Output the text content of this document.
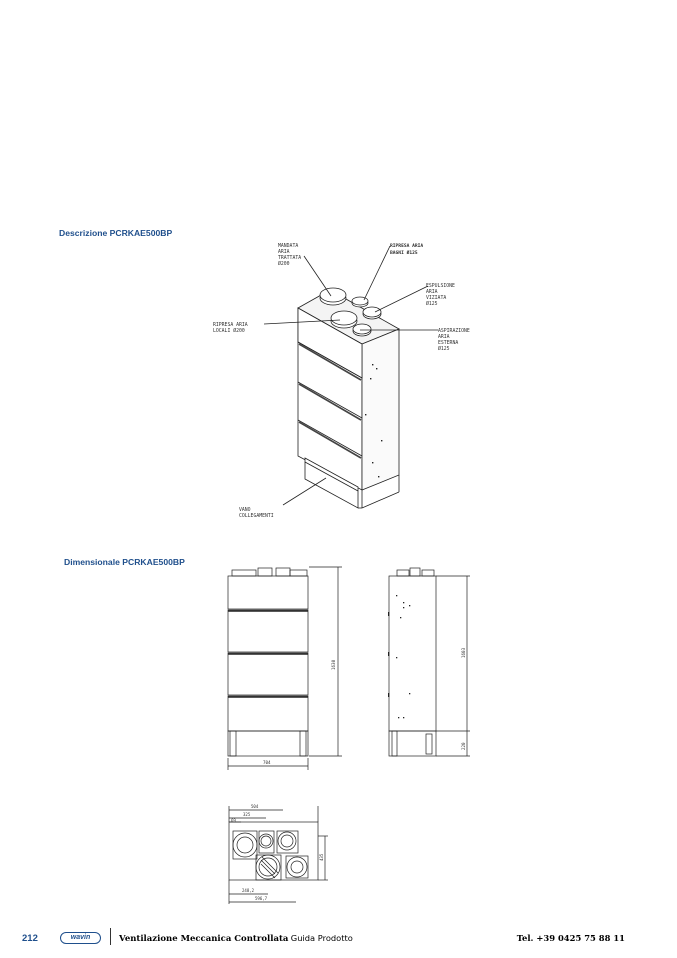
Descrizione PCRKAE500BP
Dimensionale PCRKAE500BP
MANDATA
ARIA
TRATTATA
Ø200
RIPRESA ARIA
BAGNI Ø125
ESPULSIONE
ARIA
VIZIATA
Ø125
RIPRESA ARIA
LOCALI Ø200	ASPIRAZIONE
ARIA
ESTERNA
Ø125
VANO
COLLEGAMENTI
1630
704
1603
220
504
325
69
435
248,2
596,7
212	wavin	Ventilazione Meccanica Controllata Guida Prodotto	Tel. +39 0425 75 88 11
